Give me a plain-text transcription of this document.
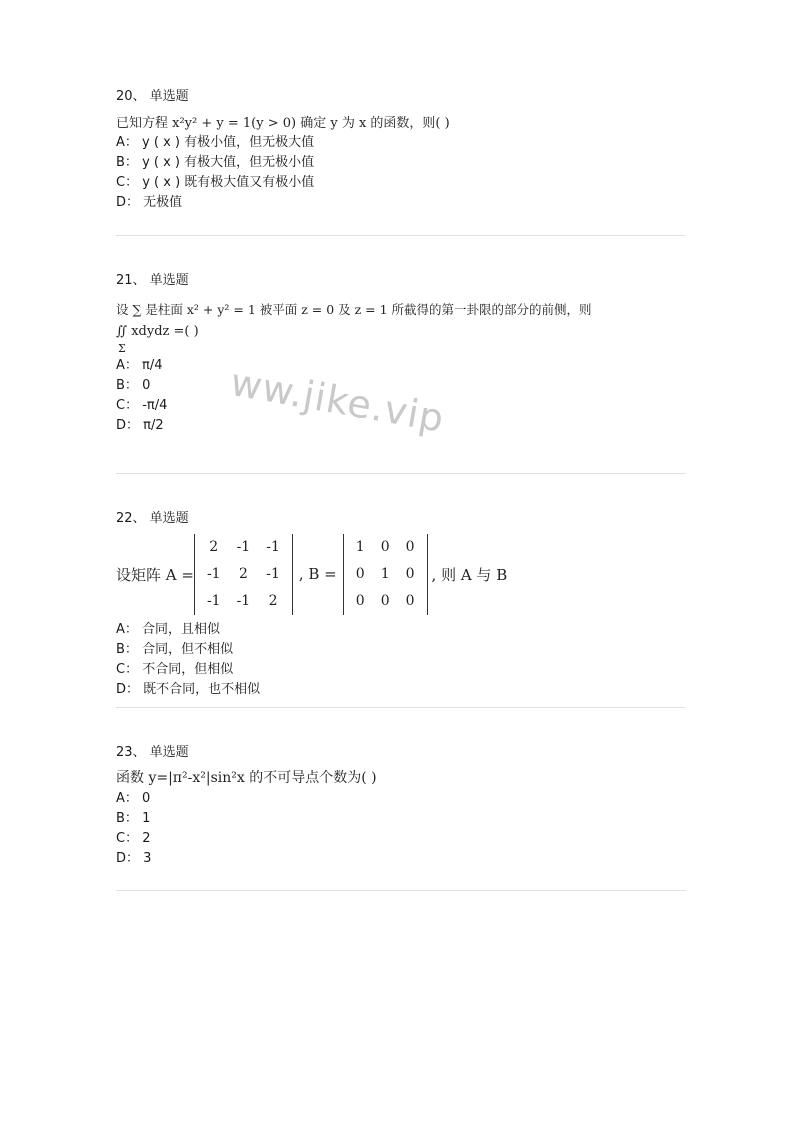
20、 单选题

已知方程 x²y² + y = 1(y > 0) 确定 y 为 x 的函数，则( )

A： y ( x ) 有极小值，但无极大值

B： y ( x ) 有极大值，但无极小值

C： y ( x ) 既有极大值又有极小值

D： 无极值

21、 单选题

设 ∑ 是柱面 x² + y² = 1 被平面 z = 0 及 z = 1 所截得的第一卦限的部分的前侧，则
∬ xdydz =( )
Σ

A： π/4

B： 0

C： -π/4

D： π/2	ww.jike.vip

22、 单选题

设矩阵 A =
2	-1	-1
-1	2	-1
-1	-1	2
, B =
1	0	0
0	1	0
0	0	0
, 则 A 与 B

A： 合同，且相似

B： 合同，但不相似

C： 不合同，但相似

D： 既不合同，也不相似

23、 单选题

函数 y=|π²-x²|sin²x 的不可导点个数为( )

A： 0

B： 1

C： 2

D： 3
